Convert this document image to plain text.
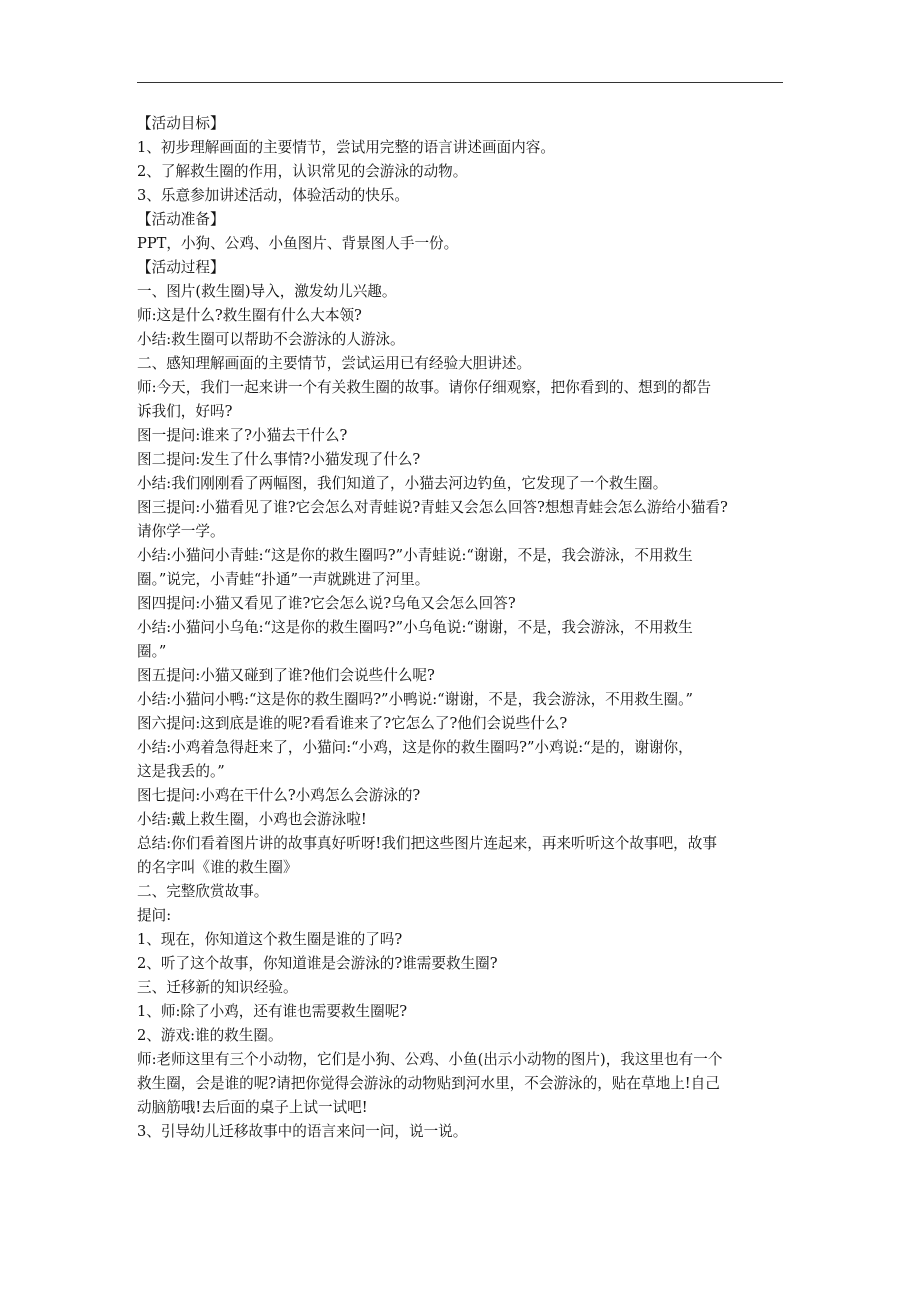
【活动目标】
1、初步理解画面的主要情节，尝试用完整的语言讲述画面内容。
2、了解救生圈的作用，认识常见的会游泳的动物。
3、乐意参加讲述活动，体验活动的快乐。
【活动准备】
PPT，小狗、公鸡、小鱼图片、背景图人手一份。
【活动过程】
一、图片(救生圈)导入，激发幼儿兴趣。
师:这是什么?救生圈有什么大本领?
小结:救生圈可以帮助不会游泳的人游泳。
二、感知理解画面的主要情节，尝试运用已有经验大胆讲述。
师:今天，我们一起来讲一个有关救生圈的故事。请你仔细观察，把你看到的、想到的都告
诉我们，好吗?
图一提问:谁来了?小猫去干什么?
图二提问:发生了什么事情?小猫发现了什么?
小结:我们刚刚看了两幅图，我们知道了，小猫去河边钓鱼，它发现了一个救生圈。
图三提问:小猫看见了谁?它会怎么对青蛙说?青蛙又会怎么回答?想想青蛙会怎么游给小猫看?
请你学一学。
小结:小猫问小青蛙:“这是你的救生圈吗?”小青蛙说:“谢谢，不是，我会游泳，不用救生
圈。”说完，小青蛙“扑通”一声就跳进了河里。
图四提问:小猫又看见了谁?它会怎么说?乌龟又会怎么回答?
小结:小猫问小乌龟:“这是你的救生圈吗?”小乌龟说:“谢谢，不是，我会游泳，不用救生
圈。”
图五提问:小猫又碰到了谁?他们会说些什么呢?
小结:小猫问小鸭:“这是你的救生圈吗?”小鸭说:“谢谢，不是，我会游泳，不用救生圈。”
图六提问:这到底是谁的呢?看看谁来了?它怎么了?他们会说些什么?
小结:小鸡着急得赶来了，小猫问:“小鸡，这是你的救生圈吗?”小鸡说:“是的，谢谢你，
这是我丢的。”
图七提问:小鸡在干什么?小鸡怎么会游泳的?
小结:戴上救生圈，小鸡也会游泳啦!
总结:你们看着图片讲的故事真好听呀!我们把这些图片连起来，再来听听这个故事吧，故事
的名字叫《谁的救生圈》
二、完整欣赏故事。
提问:
1、现在，你知道这个救生圈是谁的了吗?
2、听了这个故事，你知道谁是会游泳的?谁需要救生圈?
三、迁移新的知识经验。
1、师:除了小鸡，还有谁也需要救生圈呢?
2、游戏:谁的救生圈。
师:老师这里有三个小动物，它们是小狗、公鸡、小鱼(出示小动物的图片)，我这里也有一个
救生圈，会是谁的呢?请把你觉得会游泳的动物贴到河水里，不会游泳的，贴在草地上!自己
动脑筋哦!去后面的桌子上试一试吧!
3、引导幼儿迁移故事中的语言来问一问，说一说。
